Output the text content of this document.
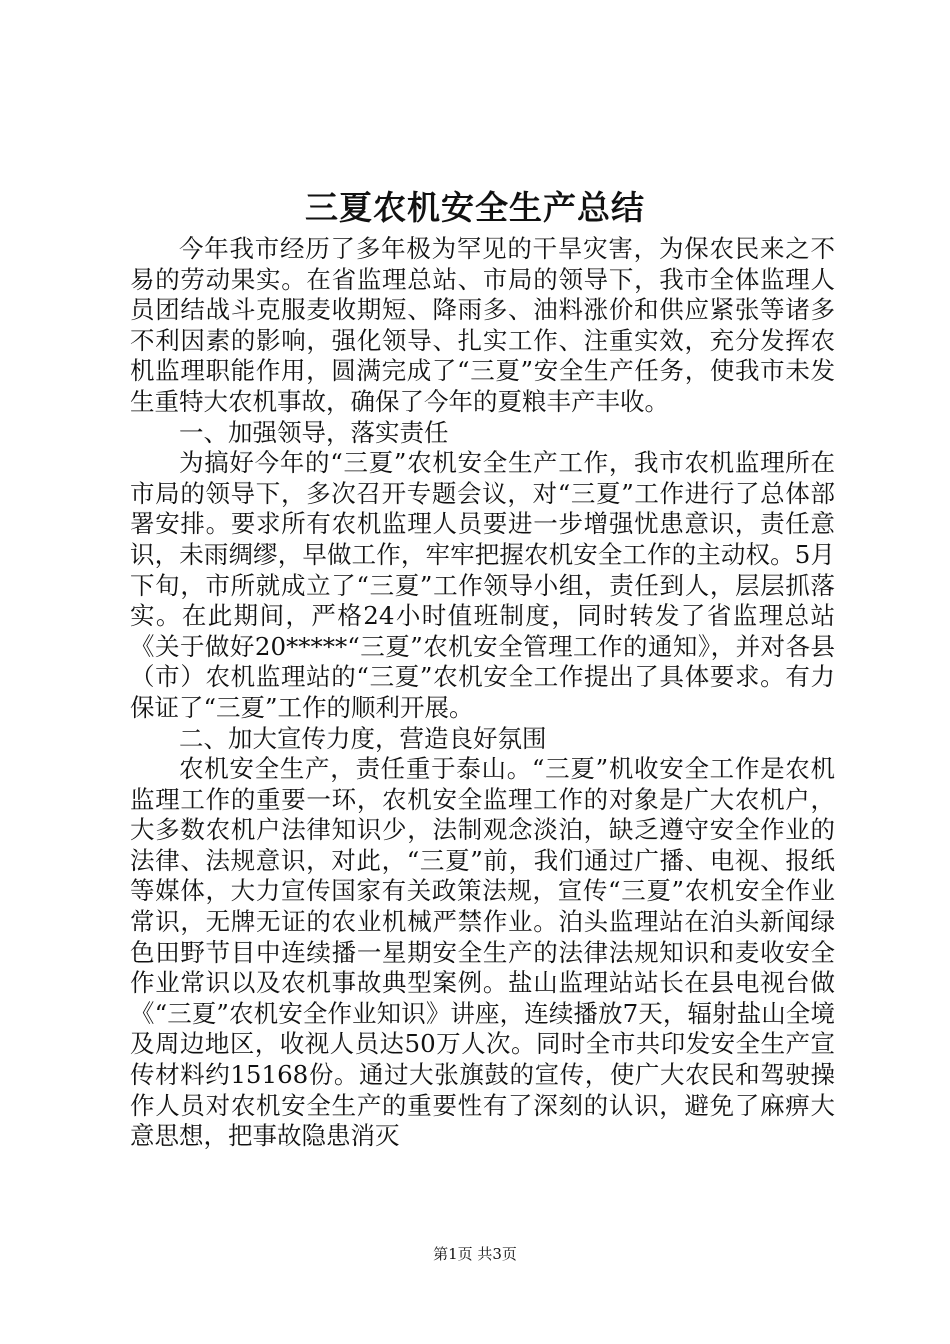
三夏农机安全生产总结

今年我市经历了多年极为罕见的干旱灾害，为保农民来之不易的劳动果实。在省监理总站、市局的领导下，我市全体监理人员团结战斗克服麦收期短、降雨多、油料涨价和供应紧张等诸多不利因素的影响，强化领导、扎实工作、注重实效，充分发挥农机监理职能作用，圆满完成了“三夏”安全生产任务，使我市未发生重特大农机事故，确保了今年的夏粮丰产丰收。

一、加强领导，落实责任

为搞好今年的“三夏”农机安全生产工作，我市农机监理所在市局的领导下，多次召开专题会议，对“三夏”工作进行了总体部署安排。要求所有农机监理人员要进一步增强忧患意识，责任意识，未雨绸缪，早做工作，牢牢把握农机安全工作的主动权。5月下旬，市所就成立了“三夏”工作领导小组，责任到人，层层抓落实。在此期间，严格24小时值班制度，同时转发了省监理总站《关于做好20*****“三夏”农机安全管理工作的通知》，并对各县（市）农机监理站的“三夏”农机安全工作提出了具体要求。有力保证了“三夏”工作的顺利开展。

二、加大宣传力度，营造良好氛围

农机安全生产，责任重于泰山。“三夏”机收安全工作是农机监理工作的重要一环，农机安全监理工作的对象是广大农机户，大多数农机户法律知识少，法制观念淡泊，缺乏遵守安全作业的法律、法规意识，对此，“三夏”前，我们通过广播、电视、报纸等媒体，大力宣传国家有关政策法规，宣传“三夏”农机安全作业常识，无牌无证的农业机械严禁作业。泊头监理站在泊头新闻绿色田野节目中连续播一星期安全生产的法律法规知识和麦收安全作业常识以及农机事故典型案例。盐山监理站站长在县电视台做《“三夏”农机安全作业知识》讲座，连续播放7天，辐射盐山全境及周边地区，收视人员达50万人次。同时全市共印发安全生产宣传材料约15168份。通过大张旗鼓的宣传，使广大农民和驾驶操作人员对农机安全生产的重要性有了深刻的认识，避免了麻痹大意思想，把事故隐患消灭

第1页 共3页
